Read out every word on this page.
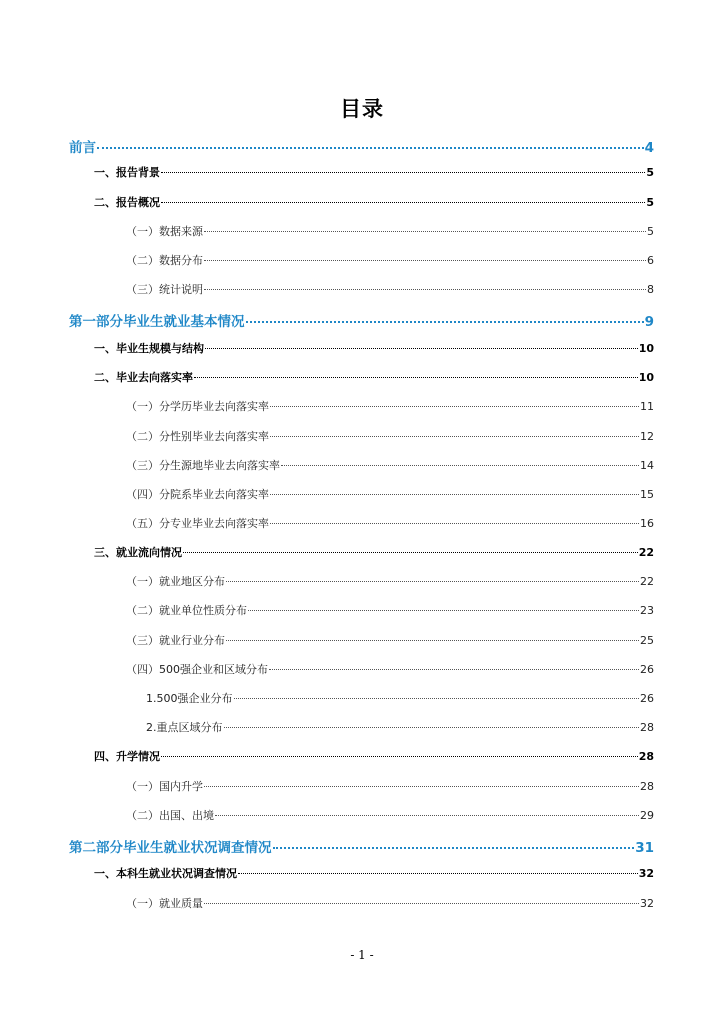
目录
前言	4
一、报告背景	5
二、报告概况	5
（一）数据来源	5
（二）数据分布	6
（三）统计说明	8
第一部分毕业生就业基本情况	9
一、毕业生规模与结构	10
二、毕业去向落实率	10
（一）分学历毕业去向落实率	11
（二）分性别毕业去向落实率	12
（三）分生源地毕业去向落实率	14
（四）分院系毕业去向落实率	15
（五）分专业毕业去向落实率	16
三、就业流向情况	22
（一）就业地区分布	22
（二）就业单位性质分布	23
（三）就业行业分布	25
（四）500强企业和区域分布	26
1.500强企业分布	26
2.重点区域分布	28
四、升学情况	28
（一）国内升学	28
（二）出国、出境	29
第二部分毕业生就业状况调查情况	31
一、本科生就业状况调查情况	32
（一）就业质量	32
- 1 -
